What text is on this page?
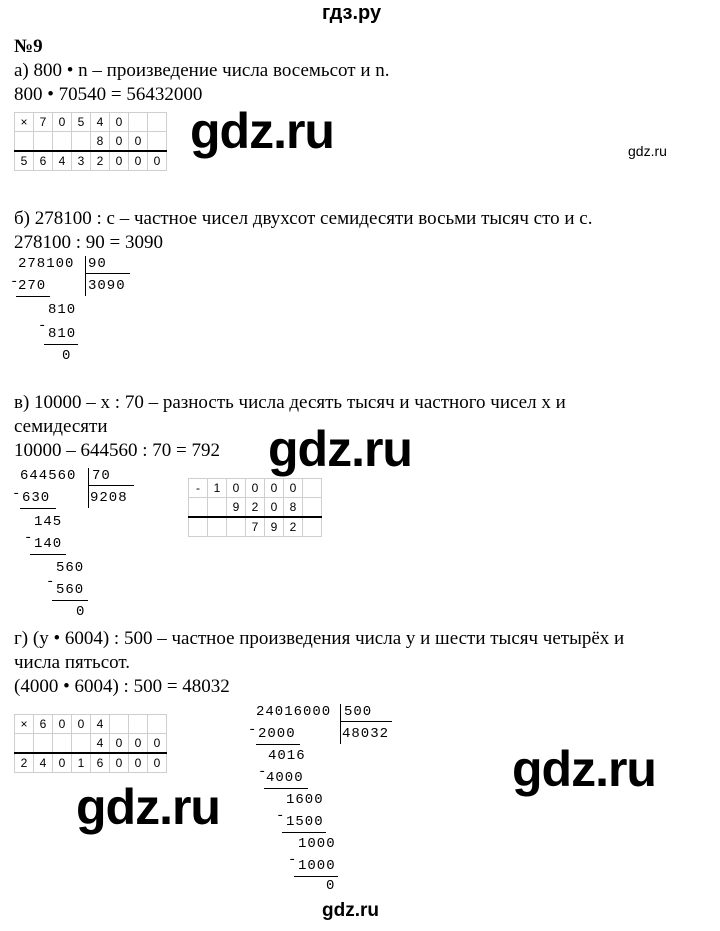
гдз.ру
№9
а) 800 • n – произведение числа восемьсот и n.
800 • 70540 = 56432000
×	7	0	5	4	0		
				8	0	0	
5	6	4	3	2	0	0	0
gdz.ru	gdz.ru
б) 278100 : с – частное чисел двухсот семидесяти восьми тысяч сто и с.
278100 : 90 = 3090
278100 90
3090
-
270
810
- 810
0
в) 10000 – x : 70 – разность числа десять тысяч и частного чисел x и
семидесяти
10000 – 644560 : 70 = 792 gdz.ru
644560 70
9208
- 630
145
- 140
560
- 560
0
-	1	0	0	0	0	
		9	2	0	8	
			7	9	2	
г) (у • 6004) : 500 – частное произведения числа у и шести тысяч четырёх и
числа пятьсот.
(4000 • 6004) : 500 = 48032
×	6	0	0	4			
				4	0	0	0
2	4	0	1	6	0	0	0
24016000 500
48032
- 2000
4016
-
4000
1600
- 1500
1000
- 1000
0
gdz.ru
gdz.ru
gdz.ru
